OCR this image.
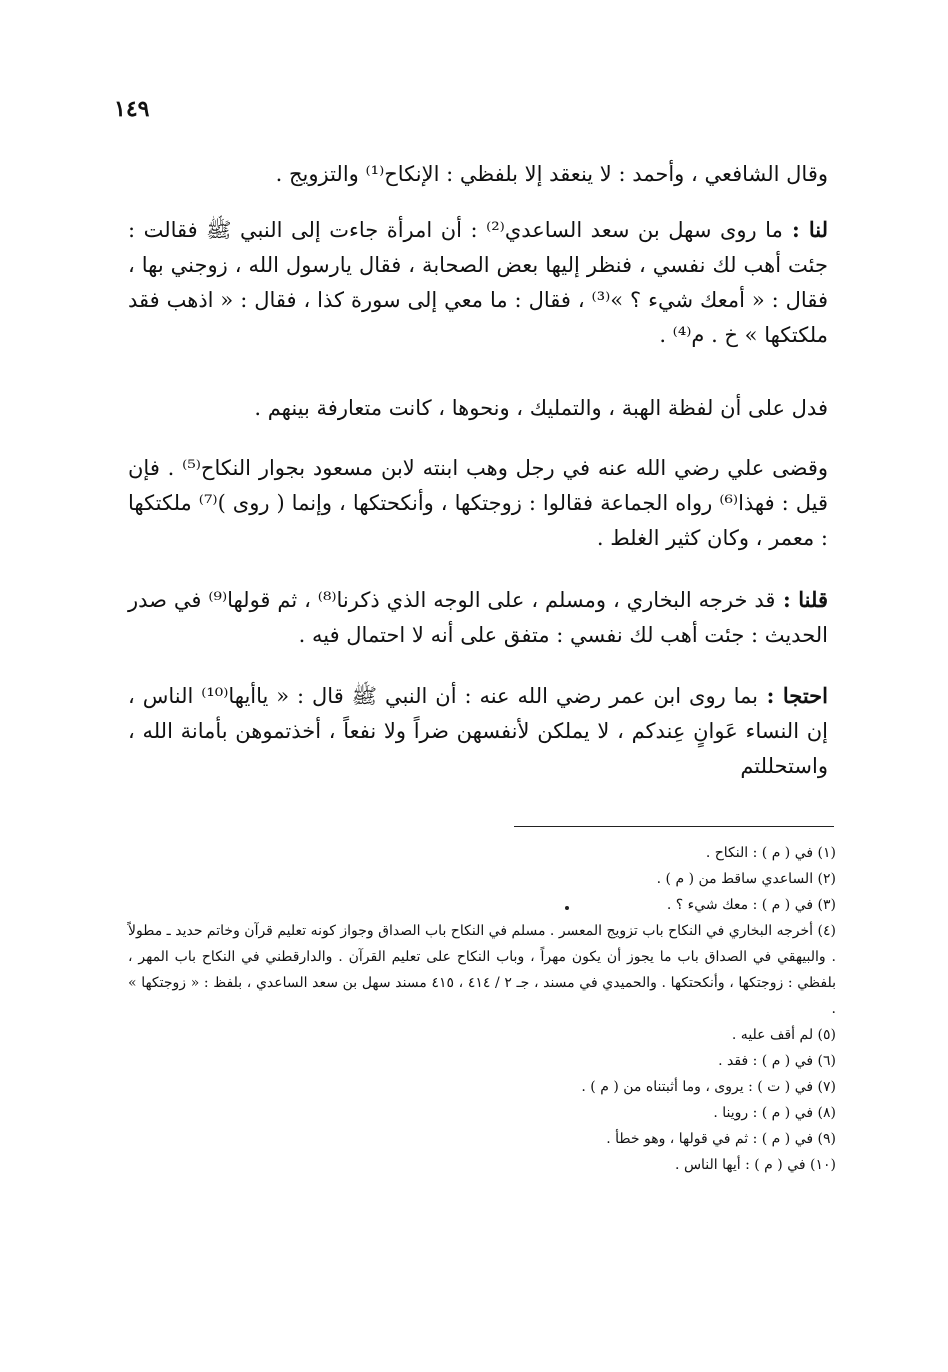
١٤٩

وقال الشافعي ، وأحمد : لا ينعقد إلا بلفظي : الإنكاح⁽¹⁾ والتزويج .

لنا : ما روى سهل بن سعد الساعدي⁽²⁾ : أن امرأة جاءت إلى النبي ﷺ فقالت : جئت أهب لك نفسي ، فنظر إليها بعض الصحابة ، فقال يارسول الله ، زوجني بها ، فقال : « أمعك شيء ؟ »⁽³⁾ ، فقال : ما معي إلى سورة كذا ، فقال : « اذهب فقد ملكتكها » خ . م⁽⁴⁾ .

فدل على أن لفظة الهبة ، والتمليك ، ونحوها ، كانت متعارفة بينهم .

وقضى علي رضي الله عنه في رجل وهب ابنته لابن مسعود بجوار النكاح⁽⁵⁾ . فإن قيل : فهذا⁽⁶⁾ رواه الجماعة فقالوا : زوجتكها ، وأنكحتكها ، وإنما ( روى )⁽⁷⁾ ملكتكها : معمر ، وكان كثير الغلط .

قلنا : قد خرجه البخاري ، ومسلم ، على الوجه الذي ذكرنا⁽⁸⁾ ، ثم قولها⁽⁹⁾ في صدر الحديث : جئت أهب لك نفسي : متفق على أنه لا احتمال فيه .

احتجا : بما روى ابن عمر رضي الله عنه : أن النبي ﷺ قال : « ياأيها⁽¹⁰⁾ الناس ، إن النساء عَوانٍ عِندكم ، لا يملكن لأنفسهن ضراً ولا نفعاً ، أخذتموهن بأمانة الله ، واستحللتم

(١) في ( م ) : النكاح .

(٢) الساعدي ساقط من ( م ) .

(٣) في ( م ) : معك شيء ؟ .

(٤) أخرجه البخاري في النكاح باب تزويج المعسر . مسلم في النكاح باب الصداق وجواز كونه تعليم قرآن وخاتم حديد ـ مطولاً . والبيهقي في الصداق باب ما يجوز أن يكون مهراً ، وباب النكاح على تعليم القرآن . والدارقطني في النكاح باب المهر ، بلفظي : زوجتكها ، وأنكحتكها . والحميدي في مسند ، جـ ٢ / ٤١٤ ، ٤١٥ مسند سهل بن سعد الساعدي ، بلفظ : « زوجتكها » .

(٥) لم أقف عليه .

(٦) في ( م ) : فقد .

(٧) في ( ت ) : يروى ، وما أثبتناه من ( م ) .

(٨) في ( م ) : روينا .

(٩) في ( م ) : ثم في قولها ، وهو خطأ .

(١٠) في ( م ) : أيها الناس .
